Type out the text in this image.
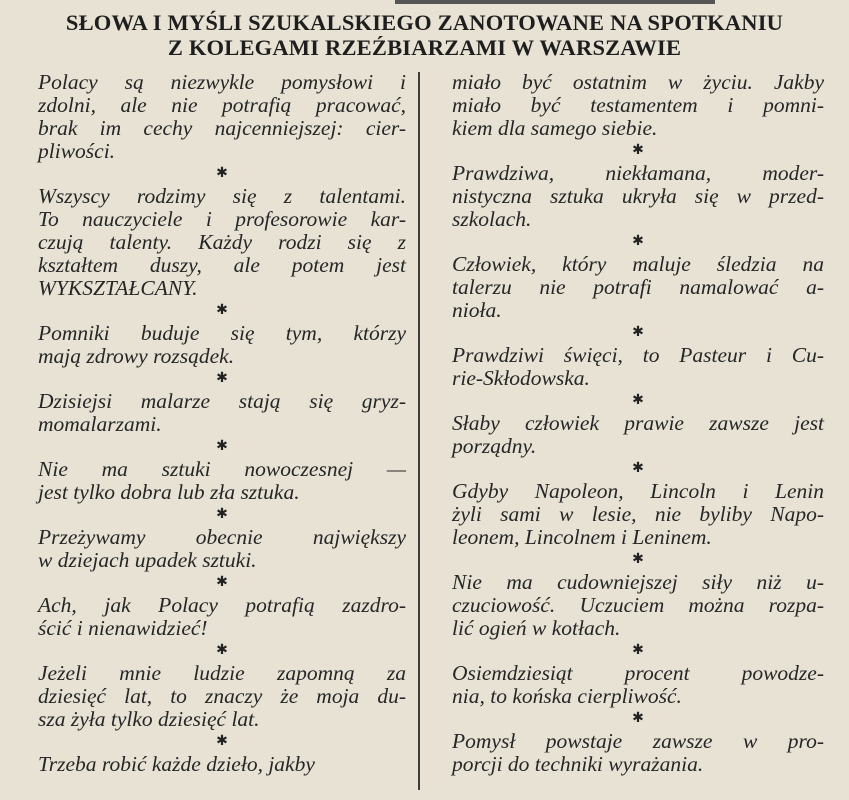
SŁOWA I MYŚLI SZUKALSKIEGO ZANOTOWANE NA SPOTKANIU
Z KOLEGAMI RZEŹBIARZAMI W WARSZAWIE
Polacy są niezwykle pomysłowi i
zdolni, ale nie potrafią pracować,
brak im cechy najcenniejszej: cier-
pliwości.
✱
Wszyscy rodzimy się z talentami.
To nauczyciele i profesorowie kar-
czują talenty. Każdy rodzi się z
kształtem duszy, ale potem jest
WYKSZTAŁCANY.
✱
Pomniki buduje się tym, którzy
mają zdrowy rozsądek.
✱
Dzisiejsi malarze stają się gryz-
momalarzami.
✱
Nie ma sztuki nowoczesnej —
jest tylko dobra lub zła sztuka.
✱
Przeżywamy obecnie największy
w dziejach upadek sztuki.
✱
Ach, jak Polacy potrafią zazdro-
ścić i nienawidzieć!
✱
Jeżeli mnie ludzie zapomną za
dziesięć lat, to znaczy że moja du-
sza żyła tylko dziesięć lat.
✱
Trzeba robić każde dzieło, jakby
miało być ostatnim w życiu. Jakby
miało być testamentem i pomni-
kiem dla samego siebie.
✱
Prawdziwa, niekłamana, moder-
nistyczna sztuka ukryła się w przed-
szkolach.
✱
Człowiek, który maluje śledzia na
talerzu nie potrafi namalować a-
nioła.
✱
Prawdziwi święci, to Pasteur i Cu-
rie-Skłodowska.
✱
Słaby człowiek prawie zawsze jest
porządny.
✱
Gdyby Napoleon, Lincoln i Lenin
żyli sami w lesie, nie byliby Napo-
leonem, Lincolnem i Leninem.
✱
Nie ma cudowniejszej siły niż u-
czuciowość. Uczuciem można rozpa-
lić ogień w kotłach.
✱
Osiemdziesiąt procent powodze-
nia, to końska cierpliwość.
✱
Pomysł powstaje zawsze w pro-
porcji do techniki wyrażania.
